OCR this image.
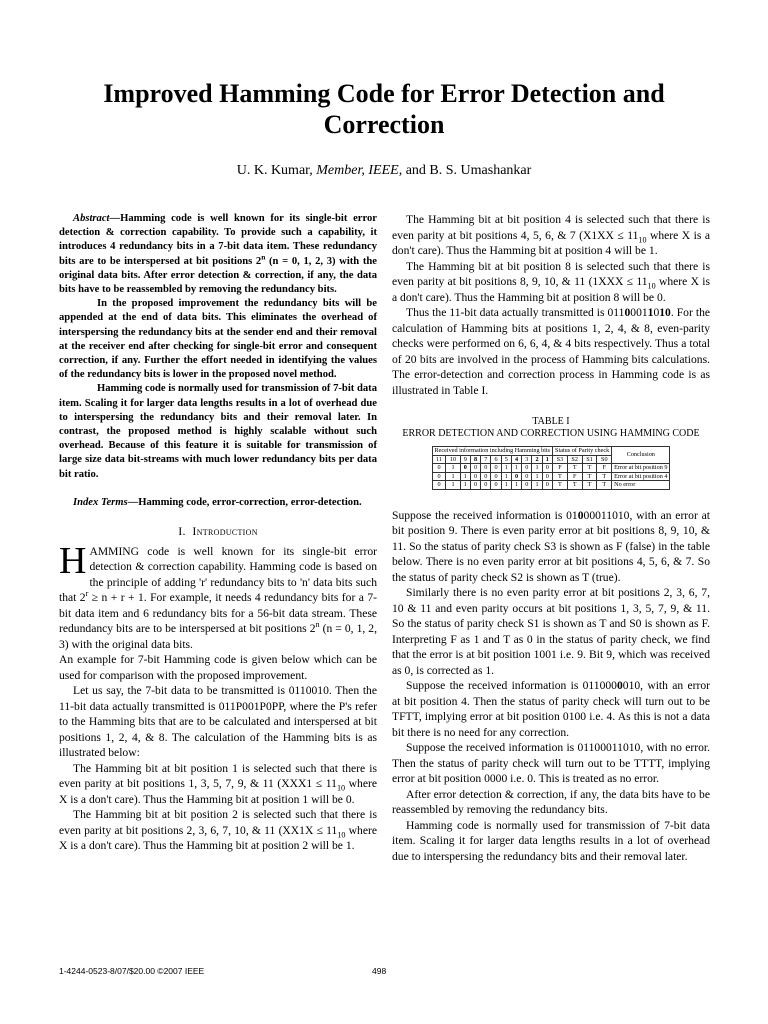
Improved Hamming Code for Error Detection and Correction
U. K. Kumar, Member, IEEE, and B. S. Umashankar

Abstract—Hamming code is well known for its single-bit error detection & correction capability. To provide such a capability, it introduces 4 redundancy bits in a 7-bit data item. These redundancy bits are to be interspersed at bit positions 2$^n$ (n = 0, 1, 2, 3) with the original data bits. After error detection & correction, if any, the data bits have to be reassembled by removing the redundancy bits.

In the proposed improvement the redundancy bits will be appended at the end of data bits. This eliminates the overhead of interspersing the redundancy bits at the sender end and their removal at the receiver end after checking for single-bit error and consequent correction, if any. Further the effort needed in identifying the values of the redundancy bits is lower in the proposed novel method.

Hamming code is normally used for transmission of 7-bit data item. Scaling it for larger data lengths results in a lot of overhead due to interspersing the redundancy bits and their removal later. In contrast, the proposed method is highly scalable without such overhead. Because of this feature it is suitable for transmission of large size data bit-streams with much lower redundancy bits per data bit ratio.

Index Terms—Hamming code, error-correction, error-detection.

I. Introduction

HAMMING code is well known for its single-bit error detection & correction capability. Hamming code is based on the principle of adding 'r' redundancy bits to 'n' data bits such that $2^r \ge n + r + 1$. For example, it needs 4 redundancy bits for a 7-bit data item and 6 redundancy bits for a 56-bit data stream. These redundancy bits are to be interspersed at bit positions 2$^n$ (n = 0, 1, 2, 3) with the original data bits.

An example for 7-bit Hamming code is given below which can be used for comparison with the proposed improvement.

Let us say, the 7-bit data to be transmitted is 0110010. Then the 11-bit data actually transmitted is 011P001P0PP, where the P's refer to the Hamming bits that are to be calculated and interspersed at bit positions 1, 2, 4, & 8. The calculation of the Hamming bits is as illustrated below:

The Hamming bit at bit position 1 is selected such that there is even parity at bit positions 1, 3, 5, 7, 9, & 11 ($XXX1 \le 11_{10}$ where X is a don't care). Thus the Hamming bit at position 1 will be 0.

The Hamming bit at bit position 2 is selected such that there is even parity at bit positions 2, 3, 6, 7, 10, & 11 ($XX1X \le 11_{10}$ where X is a don't care). Thus the Hamming bit at position 2 will be 1.

The Hamming bit at bit position 4 is selected such that there is even parity at bit positions 4, 5, 6, & 7 ($X1XX \le 11_{10}$ where X is a don't care). Thus the Hamming bit at position 4 will be 1.

The Hamming bit at bit position 8 is selected such that there is even parity at bit positions 8, 9, 10, & 11 ($1XXX \le 11_{10}$ where X is a don't care). Thus the Hamming bit at position 8 will be 0.

Thus the 11-bit data actually transmitted is 01100011010. For the calculation of Hamming bits at positions 1, 2, 4, & 8, even-parity checks were performed on 6, 6, 4, & 4 bits respectively. Thus a total of 20 bits are involved in the process of Hamming bits calculations. The error-detection and correction process in Hamming code is as illustrated in Table I.

TABLE I
ERROR DETECTION AND CORRECTION USING HAMMING CODE
Received information including Hamming bits											Status of Parity check				Conclusion
11	10	9	8	7	6	5	4	3	2	1	S3	S2	S1	S0	
0	1	0	0	0	0	1	1	0	1	0	F	T	T	F	Error at bit position 9
0	1	1	0	0	0	1	0	0	1	0	T	F	T	T	Error at bit position 4
0	1	1	0	0	0	1	1	0	1	0	T	T	T	T	No error

Suppose the received information is 01000011010, with an error at bit position 9. There is even parity error at bit positions 8, 9, 10, & 11. So the status of parity check S3 is shown as F (false) in the table below. There is no even parity error at bit positions 4, 5, 6, & 7. So the status of parity check S2 is shown as T (true).

Similarly there is no even parity error at bit positions 2, 3, 6, 7, 10 & 11 and even parity occurs at bit positions 1, 3, 5, 7, 9, & 11. So the status of parity check S1 is shown as T and S0 is shown as F. Interpreting F as 1 and T as 0 in the status of parity check, we find that the error is at bit position 1001 i.e. 9. Bit 9, which was received as 0, is corrected as 1.

Suppose the received information is 0110000010, with an error at bit position 4. Then the status of parity check will turn out to be TFTT, implying error at bit position 0100 i.e. 4. As this is not a data bit there is no need for any correction.

Suppose the received information is 01100011010, with no error. Then the status of parity check will turn out to be TTTT, implying error at bit position 0000 i.e. 0. This is treated as no error.

After error detection & correction, if any, the data bits have to be reassembled by removing the redundancy bits.

Hamming code is normally used for transmission of 7-bit data item. Scaling it for larger data lengths results in a lot of overhead due to interspersing the redundancy bits and their removal later.

1-4244-0523-8/07/$20.00 ©2007 IEEE	498
